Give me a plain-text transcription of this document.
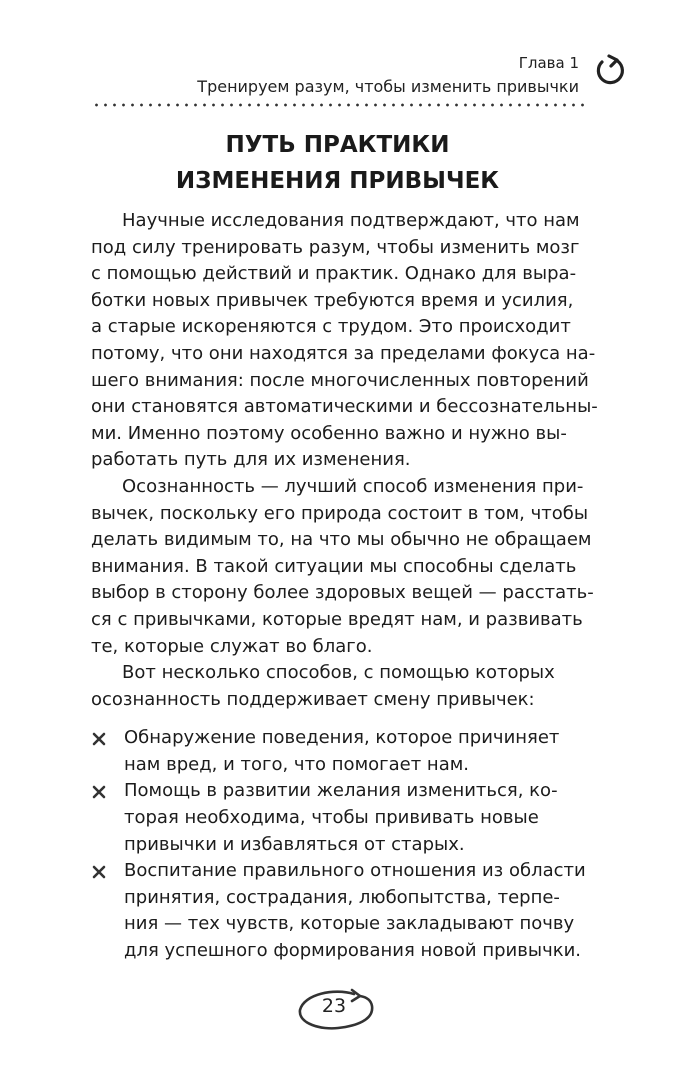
Глава 1
Тренируем разум, чтобы изменить привычки
ПУТЬ ПРАКТИКИ
ИЗМЕНЕНИЯ ПРИВЫЧЕК
Научные исследования подтверждают, что нам
под силу тренировать разум, чтобы изменить мозг
с помощью действий и практик. Однако для выра-
ботки новых привычек требуются время и усилия,
а старые искореняются с трудом. Это происходит
потому, что они находятся за пределами фокуса на-
шего внимания: после многочисленных повторений
они становятся автоматическими и бессознательны-
ми. Именно поэтому особенно важно и нужно вы-
работать путь для их изменения.
Осознанность — лучший способ изменения при-
вычек, поскольку его природа состоит в том, чтобы
делать видимым то, на что мы обычно не обращаем
внимания. В такой ситуации мы способны сделать
выбор в сторону более здоровых вещей — расстать-
ся с привычками, которые вредят нам, и развивать
те, которые служат во благо.
Вот несколько способов, с помощью которых
осознанность поддерживает смену привычек:
Обнаружение поведения, которое причиняет
нам вред, и того, что помогает нам.
Помощь в развитии желания измениться, ко-
торая необходима, чтобы прививать новые
привычки и избавляться от старых.
Воспитание правильного отношения из области
принятия, сострадания, любопытства, терпе-
ния — тех чувств, которые закладывают почву
для успешного формирования новой привычки.
23
